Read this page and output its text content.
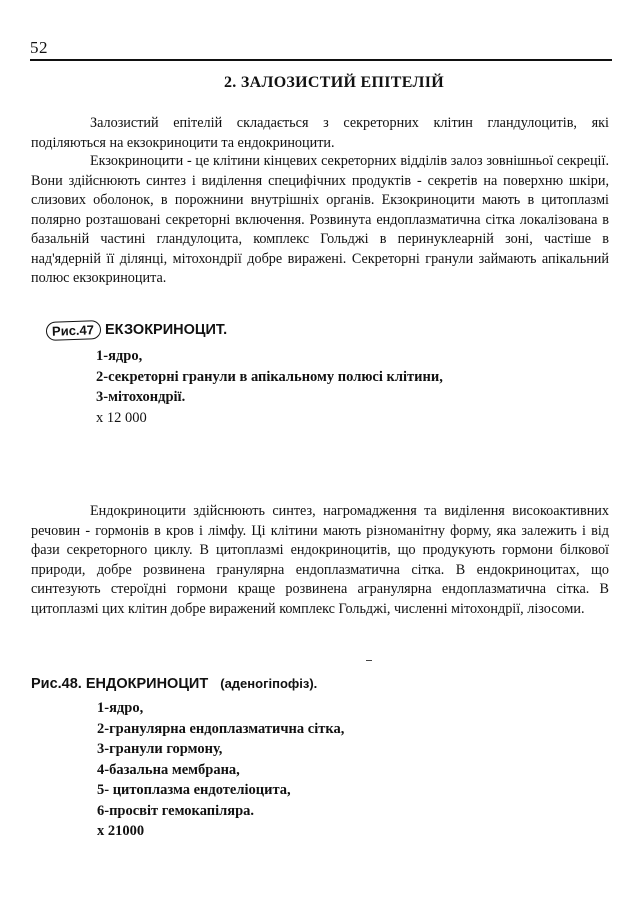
52
2. ЗАЛОЗИСТИЙ ЕПІТЕЛІЙ

Залозистий епітелій складається з секреторних клітин гландулоцитів, які поділяються на екзокриноцити та ендокриноцити.

Екзокриноцити - це клітини кінцевих секреторних відділів залоз зовнішньої секреції. Вони здійснюють синтез і виділення специфічних продуктів - секретів на поверхню шкіри, слизових оболонок, в порожнини внутрішніх органів. Екзокриноцити мають в цитоплазмі полярно розташовані секреторні включення. Розвинута ендоплазматична сітка локалізована в базальній частині гландулоцита, комплекс Гольджі в перинуклеарній зоні, частіше в над'ядерній її ділянці, мітохондрії добре виражені. Секреторні гранули займають апікальний полюс екзокриноцита.

Рис.47 ЕКЗОКРИНОЦИТ.
1-ядро,
2-секреторні гранули в апікальному полюсі клітини,
3-мітохондрії.
х 12 000

Ендокриноцити здійснюють синтез, нагромадження та виділення високоактивних речовин - гормонів в кров і лімфу. Ці клітини мають різноманітну форму, яка залежить і від фази секреторного циклу. В цитоплазмі ендокриноцитів, що продукують гормони білкової природи, добре розвинена гранулярна ендоплазматична сітка. В ендокриноцитах, що синтезують стероїдні гормони краще розвинена агранулярна ендоплазматична сітка. В цитоплазмі цих клітин добре виражений комплекс Гольджі, численні мітохондрії, лізосоми.

Рис.48. ЕНДОКРИНОЦИТ (аденогіпофіз).
1-ядро,
2-гранулярна ендоплазматична сітка,
3-гранули гормону,
4-базальна мембрана,
5- цитоплазма ендотеліоцита,
6-просвіт гемокапіляра.
х 21000
